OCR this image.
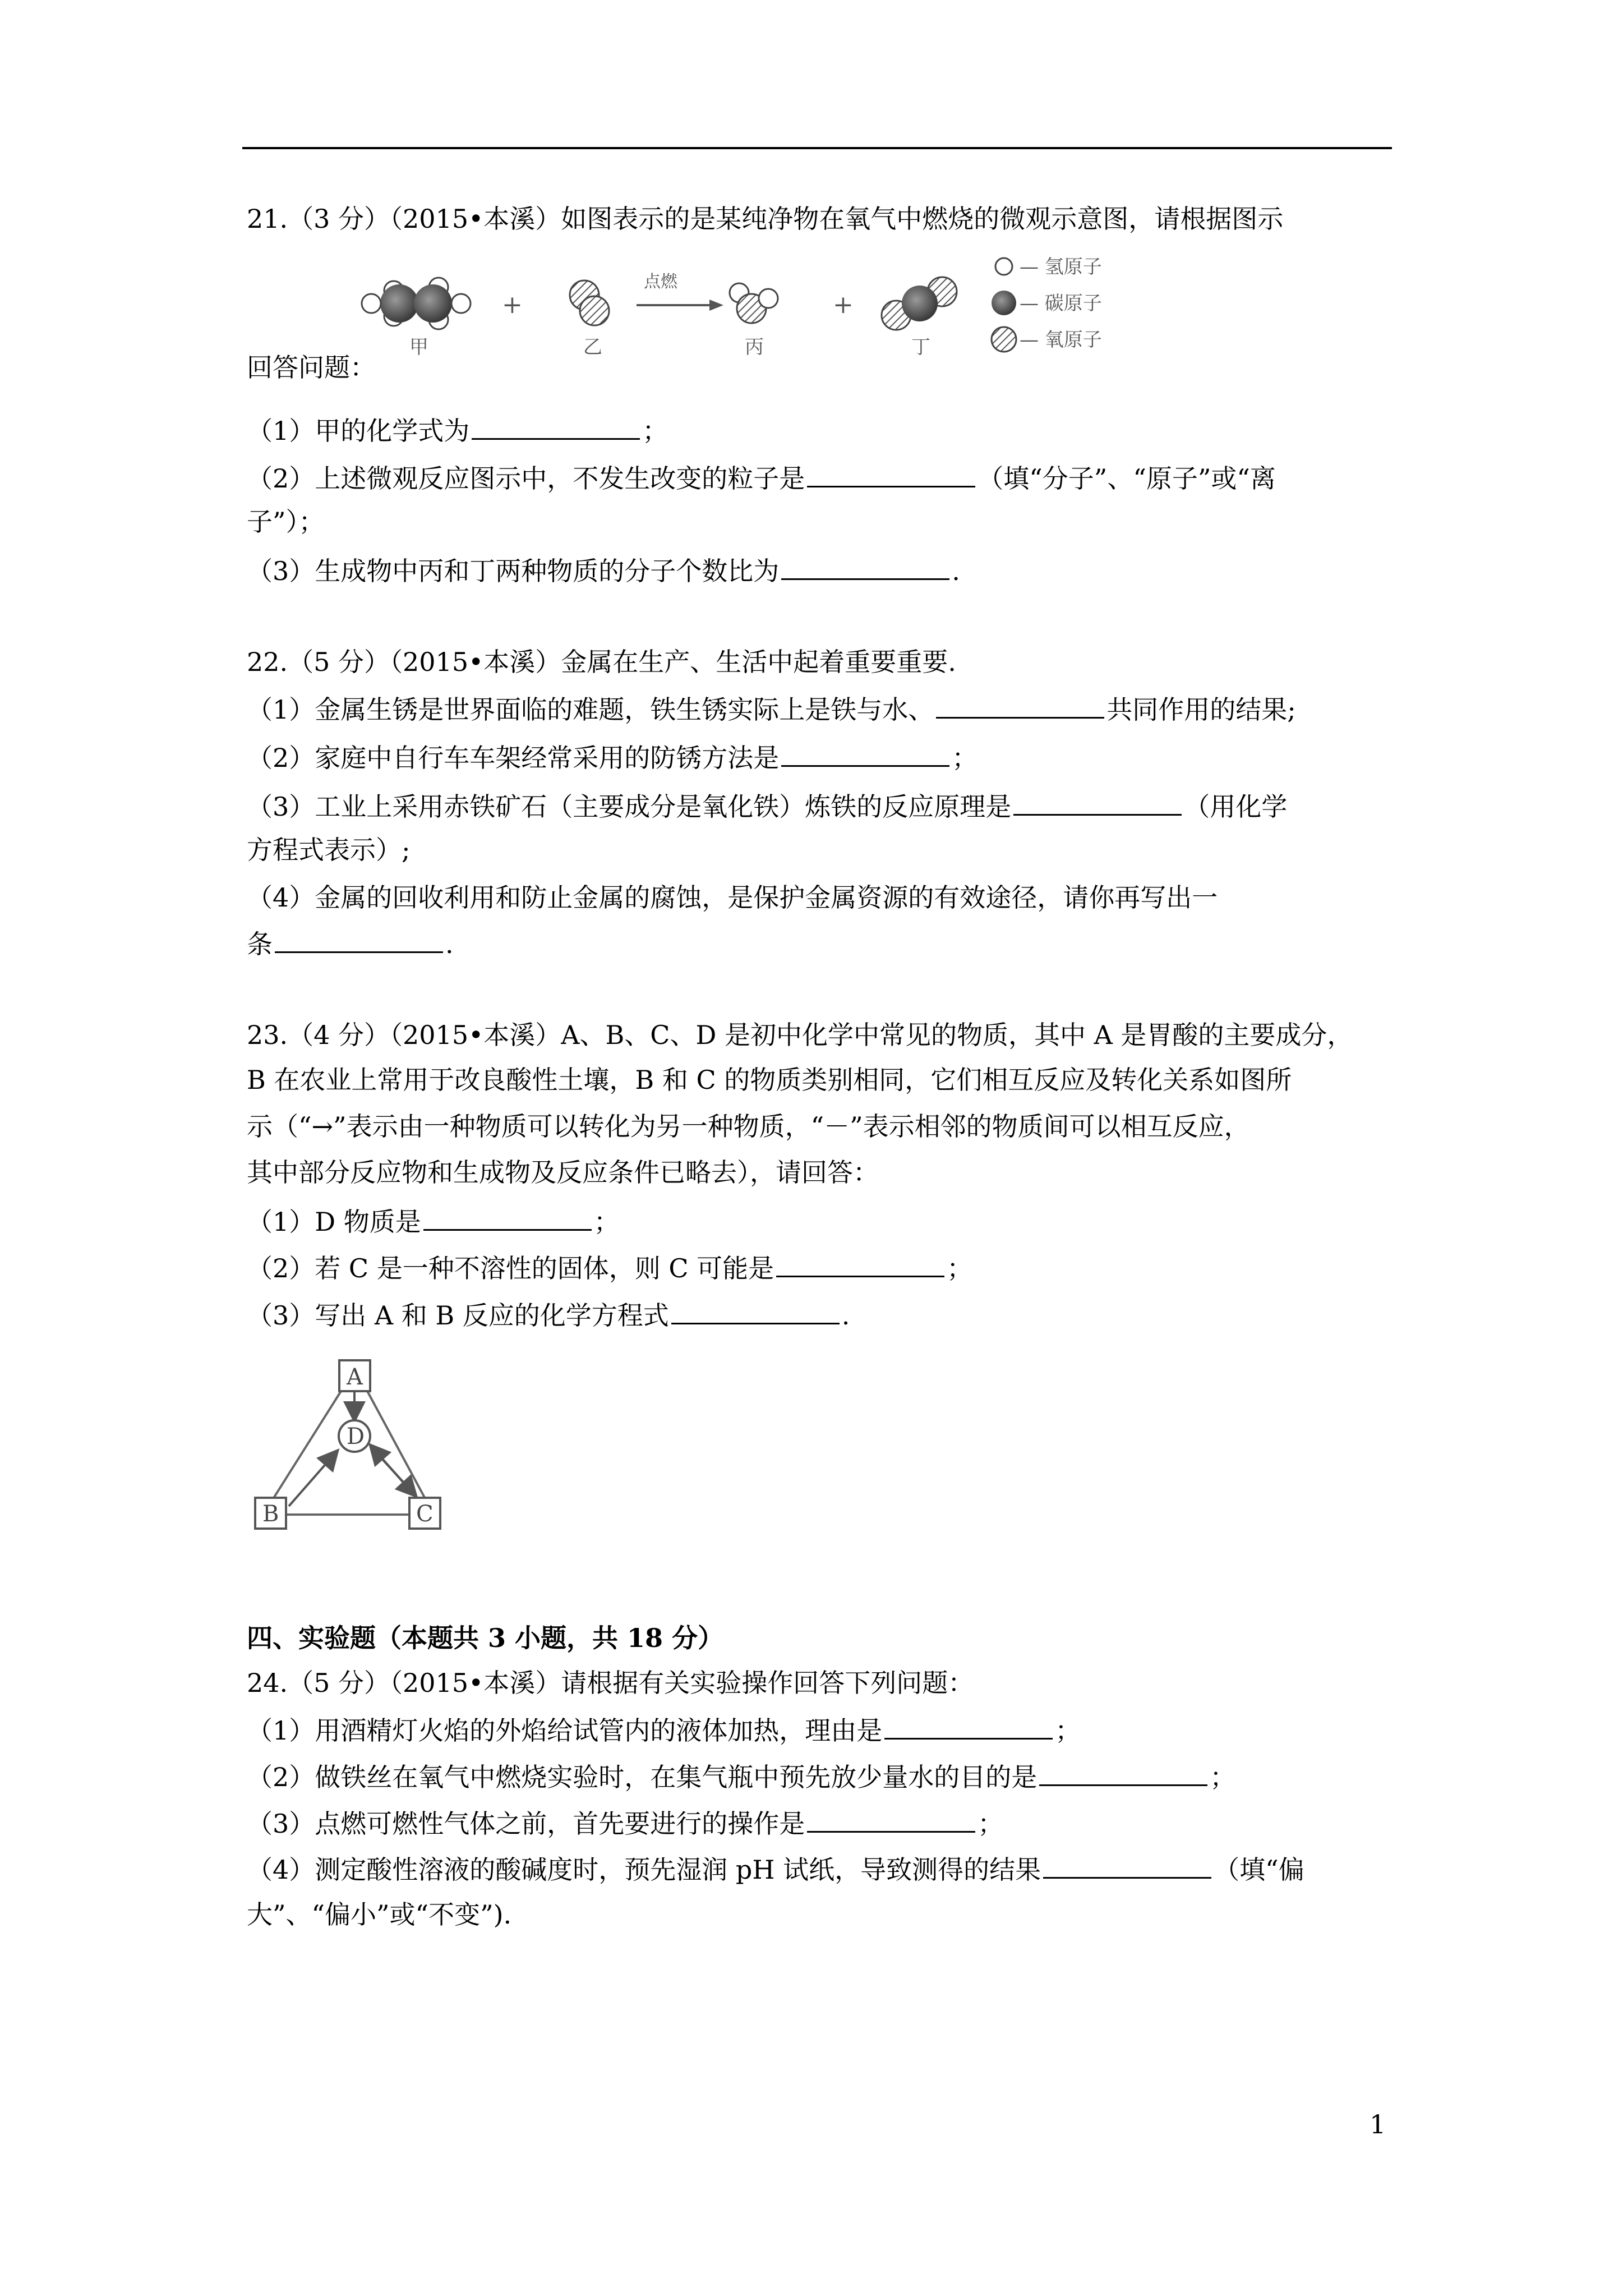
21.（3 分）（2015•本溪）如图表示的是某纯净物在氧气中燃烧的微观示意图，请根据图示
甲
+
乙
点燃
丙
+
丁
— 氢原子
— 碳原子
— 氧原子
回答问题：
（1）甲的化学式为	；
（2）上述微观反应图示中，不发生改变的粒子是	（填“分子”、“原子”或“离
子”）；
（3）生成物中丙和丁两种物质的分子个数比为	.
22.（5 分）（2015•本溪）金属在生产、生活中起着重要重要.
（1）金属生锈是世界面临的难题，铁生锈实际上是铁与水、	共同作用的结果;
（2）家庭中自行车车架经常采用的防锈方法是	；
（3）工业上采用赤铁矿石（主要成分是氧化铁）炼铁的反应原理是	（用化学
方程式表示）;
（4）金属的回收利用和防止金属的腐蚀，是保护金属资源的有效途径，请你再写出一
条	.
23.（4 分）（2015•本溪）A、B、C、D 是初中化学中常见的物质，其中 A 是胃酸的主要成分，
B 在农业上常用于改良酸性土壤，B 和 C 的物质类别相同，它们相互反应及转化关系如图所
示（“→”表示由一种物质可以转化为另一种物质，“－”表示相邻的物质间可以相互反应，
其中部分反应物和生成物及反应条件已略去），请回答：
（1）D 物质是	；
（2）若 C 是一种不溶性的固体，则 C 可能是	；
（3）写出 A 和 B 反应的化学方程式	.
A
D
B	C
四、实验题（本题共 3 小题，共 18 分）
24.（5 分）（2015•本溪）请根据有关实验操作回答下列问题：
（1）用酒精灯火焰的外焰给试管内的液体加热，理由是	；
（2）做铁丝在氧气中燃烧实验时，在集气瓶中预先放少量水的目的是	；
（3）点燃可燃性气体之前，首先要进行的操作是	；
（4）测定酸性溶液的酸碱度时，预先湿润 pH 试纸，导致测得的结果	（填“偏
大”、“偏小”或“不变”).
1
